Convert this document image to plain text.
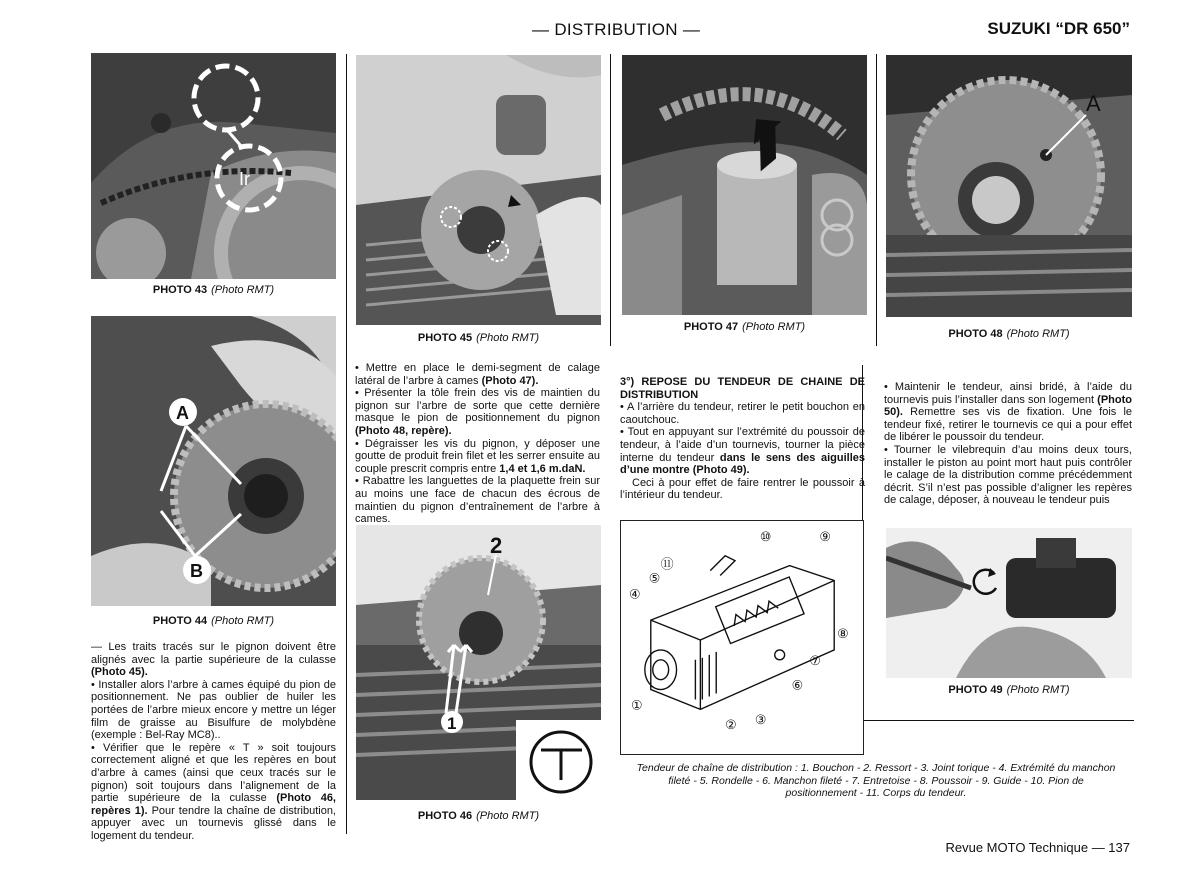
— DISTRIBUTION —	SUZUKI “DR 650”
Ir
PHOTO 43 (Photo RMT)
A
B
PHOTO 44 (Photo RMT)

— Les traits tracés sur le pignon doivent être alignés avec la partie supérieure de la culasse (Photo 45).

• Installer alors l’arbre à cames équipé du pion de positionnement. Ne pas oublier de huiler les portées de l’arbre mieux encore y mettre un léger film de graisse au Bisulfure de molybdène (exemple : Bel-Ray MC8)..

• Vérifier que le repère « T » soit toujours correctement aligné et que les repères en bout d’arbre à cames (ainsi que ceux tracés sur le pignon) soit toujours dans l’alignement de la partie supérieure de la culasse (Photo 46, repères 1). Pour tendre la chaîne de distribution, appuyer avec un tournevis glissé dans le logement du tendeur.

PHOTO 45 (Photo RMT)

• Mettre en place le demi-segment de calage latéral de l’arbre à cames (Photo 47).

• Présenter la tôle frein des vis de maintien du pignon sur l’arbre de sorte que cette dernière masque le pion de positionnement du pignon (Photo 48, repère).

• Dégraisser les vis du pignon, y déposer une goutte de produit frein filet et les serrer ensuite au couple prescrit compris entre 1,4 et 1,6 m.daN.

• Rabattre les languettes de la plaquette frein sur au moins une face de chacun des écrous de maintien du pignon d’entraînement de l’arbre à cames.

2
1
PHOTO 46 (Photo RMT)
PHOTO 47 (Photo RMT)

3°) REPOSE DU TENDEUR DE CHAINE DE DISTRIBUTION

• A l’arrière du tendeur, retirer le petit bouchon en caoutchouc.

• Tout en appuyant sur l’extrémité du poussoir de tendeur, à l’aide d’un tournevis, tourner la pièce interne du tendeur dans le sens des aiguilles d’une montre (Photo 49).

Ceci à pour effet de faire rentrer le poussoir à l’intérieur du tendeur.

A
PHOTO 48 (Photo RMT)

• Maintenir le tendeur, ainsi bridé, à l’aide du tournevis puis l’installer dans son logement (Photo 50). Remettre ses vis de fixation. Une fois le tendeur fixé, retirer le tournevis ce qui a pour effet de libérer le poussoir du tendeur.

• Tourner le vilebrequin d’au moins deux tours, installer le piston au point mort haut puis contrôler le calage de la distribution comme précédemment décrit. S’il n’est pas possible d’aligner les repères de calage, déposer, à nouveau le tendeur puis

PHOTO 49 (Photo RMT)
①
② ③
④
⑤
⑥
⑦
⑧
⑨
⑩
⑪
Tendeur de chaîne de distribution : 1. Bouchon - 2. Ressort - 3. Joint torique - 4. Extrémité du manchon fileté - 5. Rondelle - 6. Manchon fileté - 7. Entretoise - 8. Poussoir - 9. Guide - 10. Pion de positionnement - 11. Corps du tendeur.
Revue MOTO Technique — 137
